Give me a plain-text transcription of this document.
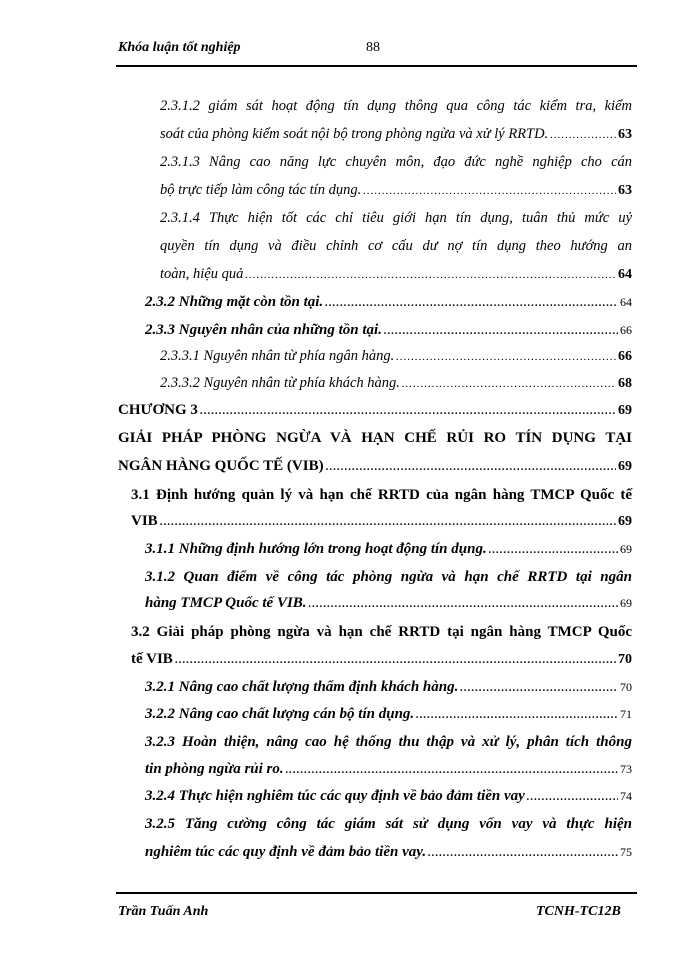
Khóa luận tốt nghiệp	88
2.3.1.2 giám sát hoạt động tín dụng thông qua công tác kiểm tra, kiểm
soát của phòng kiểm soát nội bộ trong phòng ngừa và xử lý RRTD. .....	63
2.3.1.3 Nâng cao năng lực chuyên môn, đạo đức nghề nghiệp cho cán
bộ trực tiếp làm công tác tín dụng. .....	63
2.3.1.4 Thực hiện tốt các chỉ tiêu giới hạn tín dụng, tuân thủ mức uỷ
quyền tín dụng và điều chỉnh cơ cấu dư nợ tín dụng theo hướng an
toàn, hiệu quả .....	64
2.3.2 Những mặt còn tồn tại. .....	64
2.3.3 Nguyên nhân của những tồn tại. .....	66
2.3.3.1 Nguyên nhân từ phía ngân hàng. .....	66
2.3.3.2 Nguyên nhân từ phía khách hàng. .....	68
CHƯƠNG 3 .....	69
GIẢI PHÁP PHÒNG NGỪA VÀ HẠN CHẾ RỦI RO TÍN DỤNG TẠI
NGÂN HÀNG QUỐC TẾ (VIB) .....	69
3.1 Định hướng quản lý và hạn chế RRTD của ngân hàng TMCP Quốc tế
VIB .....	69
3.1.1 Những định hướng lớn trong hoạt động tín dụng. .....	69
3.1.2 Quan điểm về công tác phòng ngừa và hạn chế RRTD tại ngân
hàng TMCP Quốc tế VIB. .....	69
3.2 Giải pháp phòng ngừa và hạn chế RRTD tại ngân hàng TMCP Quốc
tế VIB .....	70
3.2.1 Nâng cao chất lượng thẩm định khách hàng. .....	70
3.2.2 Nâng cao chất lượng cán bộ tín dụng. .....	71
3.2.3 Hoàn thiện, nâng cao hệ thống thu thập và xử lý, phân tích thông
tin phòng ngừa rủi ro. .....	73
3.2.4 Thực hiện nghiêm túc các quy định về bảo đảm tiền vay .....	74
3.2.5 Tăng cường công tác giám sát sử dụng vốn vay và thực hiện
nghiêm túc các quy định về đảm bảo tiền vay. .....	75
Trần Tuấn Anh	TCNH-TC12B
